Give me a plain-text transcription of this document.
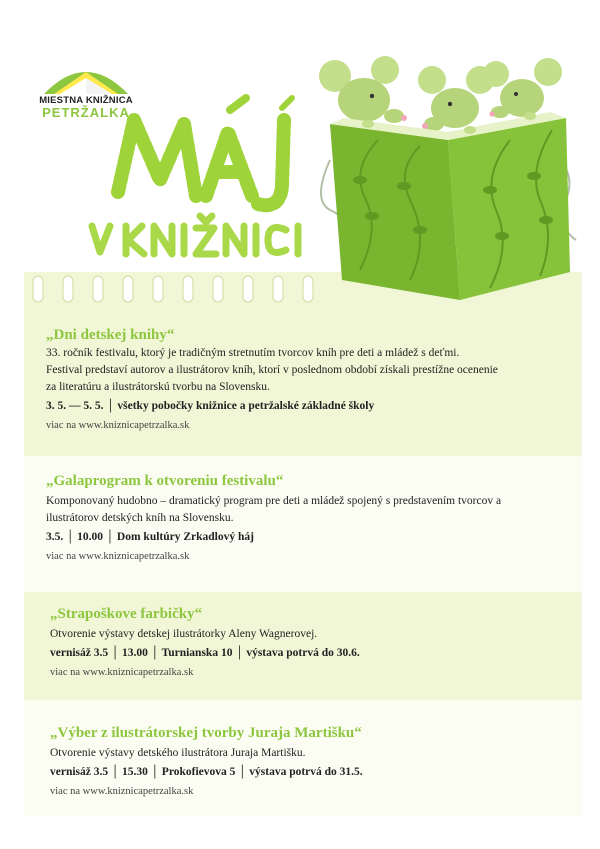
MIESTNA KNIŽNICA
PETRŽALKA
„Dni detskej knihy“
33. ročník festivalu, ktorý je tradičným stretnutím tvorcov kníh pre deti a mládež s deťmi.
Festival predstaví autorov a ilustrátorov kníh, ktorí v poslednom období získali prestížne ocenenie
za literatúru a ilustrátorskú tvorbu na Slovensku.
3. 5. — 5. 5. │ všetky pobočky knižnice a petržalské základné školy
viac na www.kniznicapetrzalka.sk
„Galaprogram k otvoreniu festivalu“
Komponovaný hudobno – dramatický program pre deti a mládež spojený s predstavením tvorcov a
ilustrátorov detských kníh na Slovensku.
3.5. │ 10.00 │ Dom kultúry Zrkadlový háj
viac na www.kniznicapetrzalka.sk
„Strapoškove farbičky“
Otvorenie výstavy detskej ilustrátorky Aleny Wagnerovej.
vernisáž 3.5 │ 13.00 │ Turnianska 10 │ výstava potrvá do 30.6.
viac na www.kniznicapetrzalka.sk
„Výber z ilustrátorskej tvorby Juraja Martišku“
Otvorenie výstavy detského ilustrátora Juraja Martišku.
vernisáž 3.5 │ 15.30 │ Prokofievova 5 │ výstava potrvá do 31.5.
viac na www.kniznicapetrzalka.sk
